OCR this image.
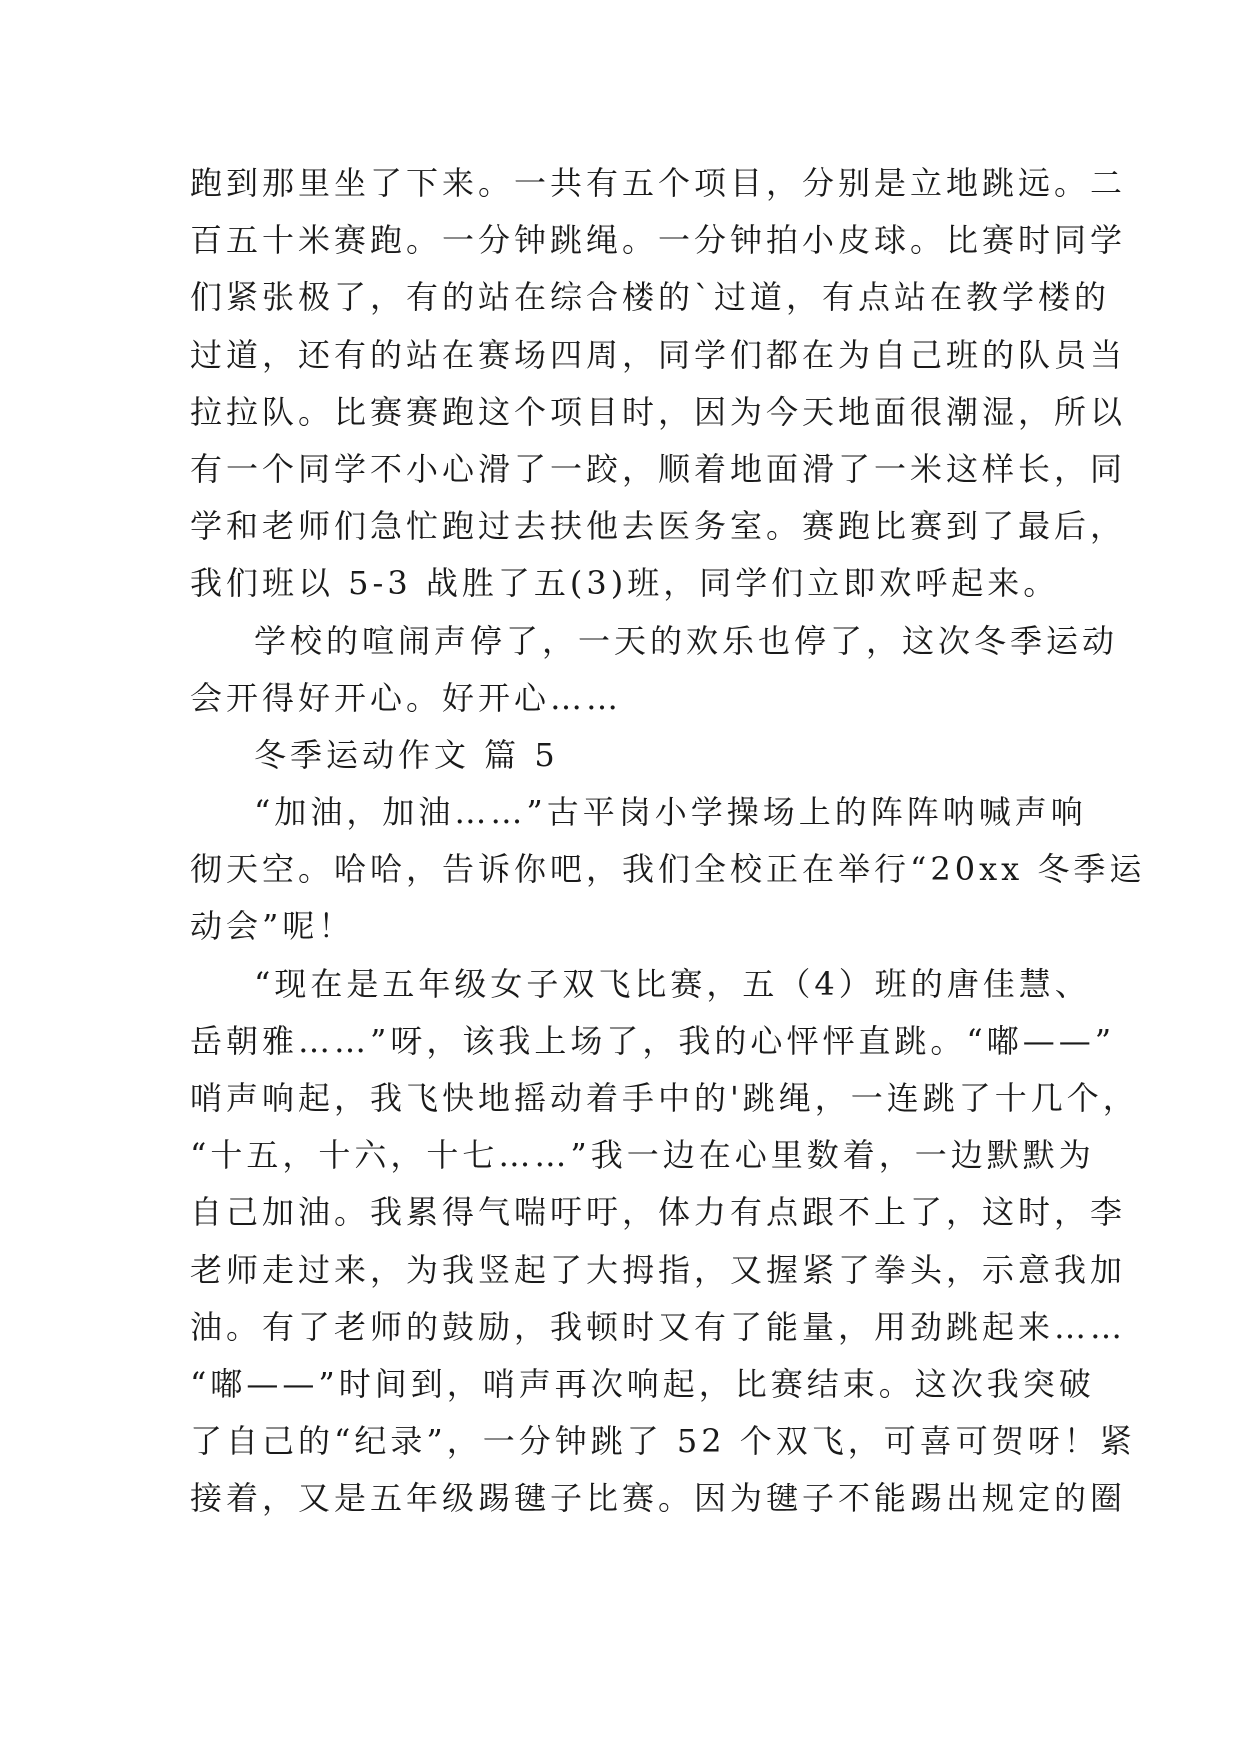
跑到那里坐了下来。一共有五个项目，分别是立地跳远。二
百五十米赛跑。一分钟跳绳。一分钟拍小皮球。比赛时同学
们紧张极了，有的站在综合楼的`过道，有点站在教学楼的
过道，还有的站在赛场四周，同学们都在为自己班的队员当
拉拉队。比赛赛跑这个项目时，因为今天地面很潮湿，所以
有一个同学不小心滑了一跤，顺着地面滑了一米这样长，同
学和老师们急忙跑过去扶他去医务室。赛跑比赛到了最后，
我们班以 5-3 战胜了五(3)班，同学们立即欢呼起来。
学校的喧闹声停了，一天的欢乐也停了，这次冬季运动
会开得好开心。好开心……
冬季运动作文 篇 5
“加油，加油……”古平岗小学操场上的阵阵呐喊声响
彻天空。哈哈，告诉你吧，我们全校正在举行“20xx 冬季运
动会”呢！
“现在是五年级女子双飞比赛，五（4）班的唐佳慧、
岳朝雅……”呀，该我上场了，我的心怦怦直跳。“嘟——”
哨声响起，我飞快地摇动着手中的'跳绳，一连跳了十几个，
“十五，十六，十七……”我一边在心里数着，一边默默为
自己加油。我累得气喘吁吁，体力有点跟不上了，这时，李
老师走过来，为我竖起了大拇指，又握紧了拳头，示意我加
油。有了老师的鼓励，我顿时又有了能量，用劲跳起来……
“嘟——”时间到，哨声再次响起，比赛结束。这次我突破
了自己的“纪录”，一分钟跳了 52 个双飞，可喜可贺呀！紧
接着，又是五年级踢毽子比赛。因为毽子不能踢出规定的圈
